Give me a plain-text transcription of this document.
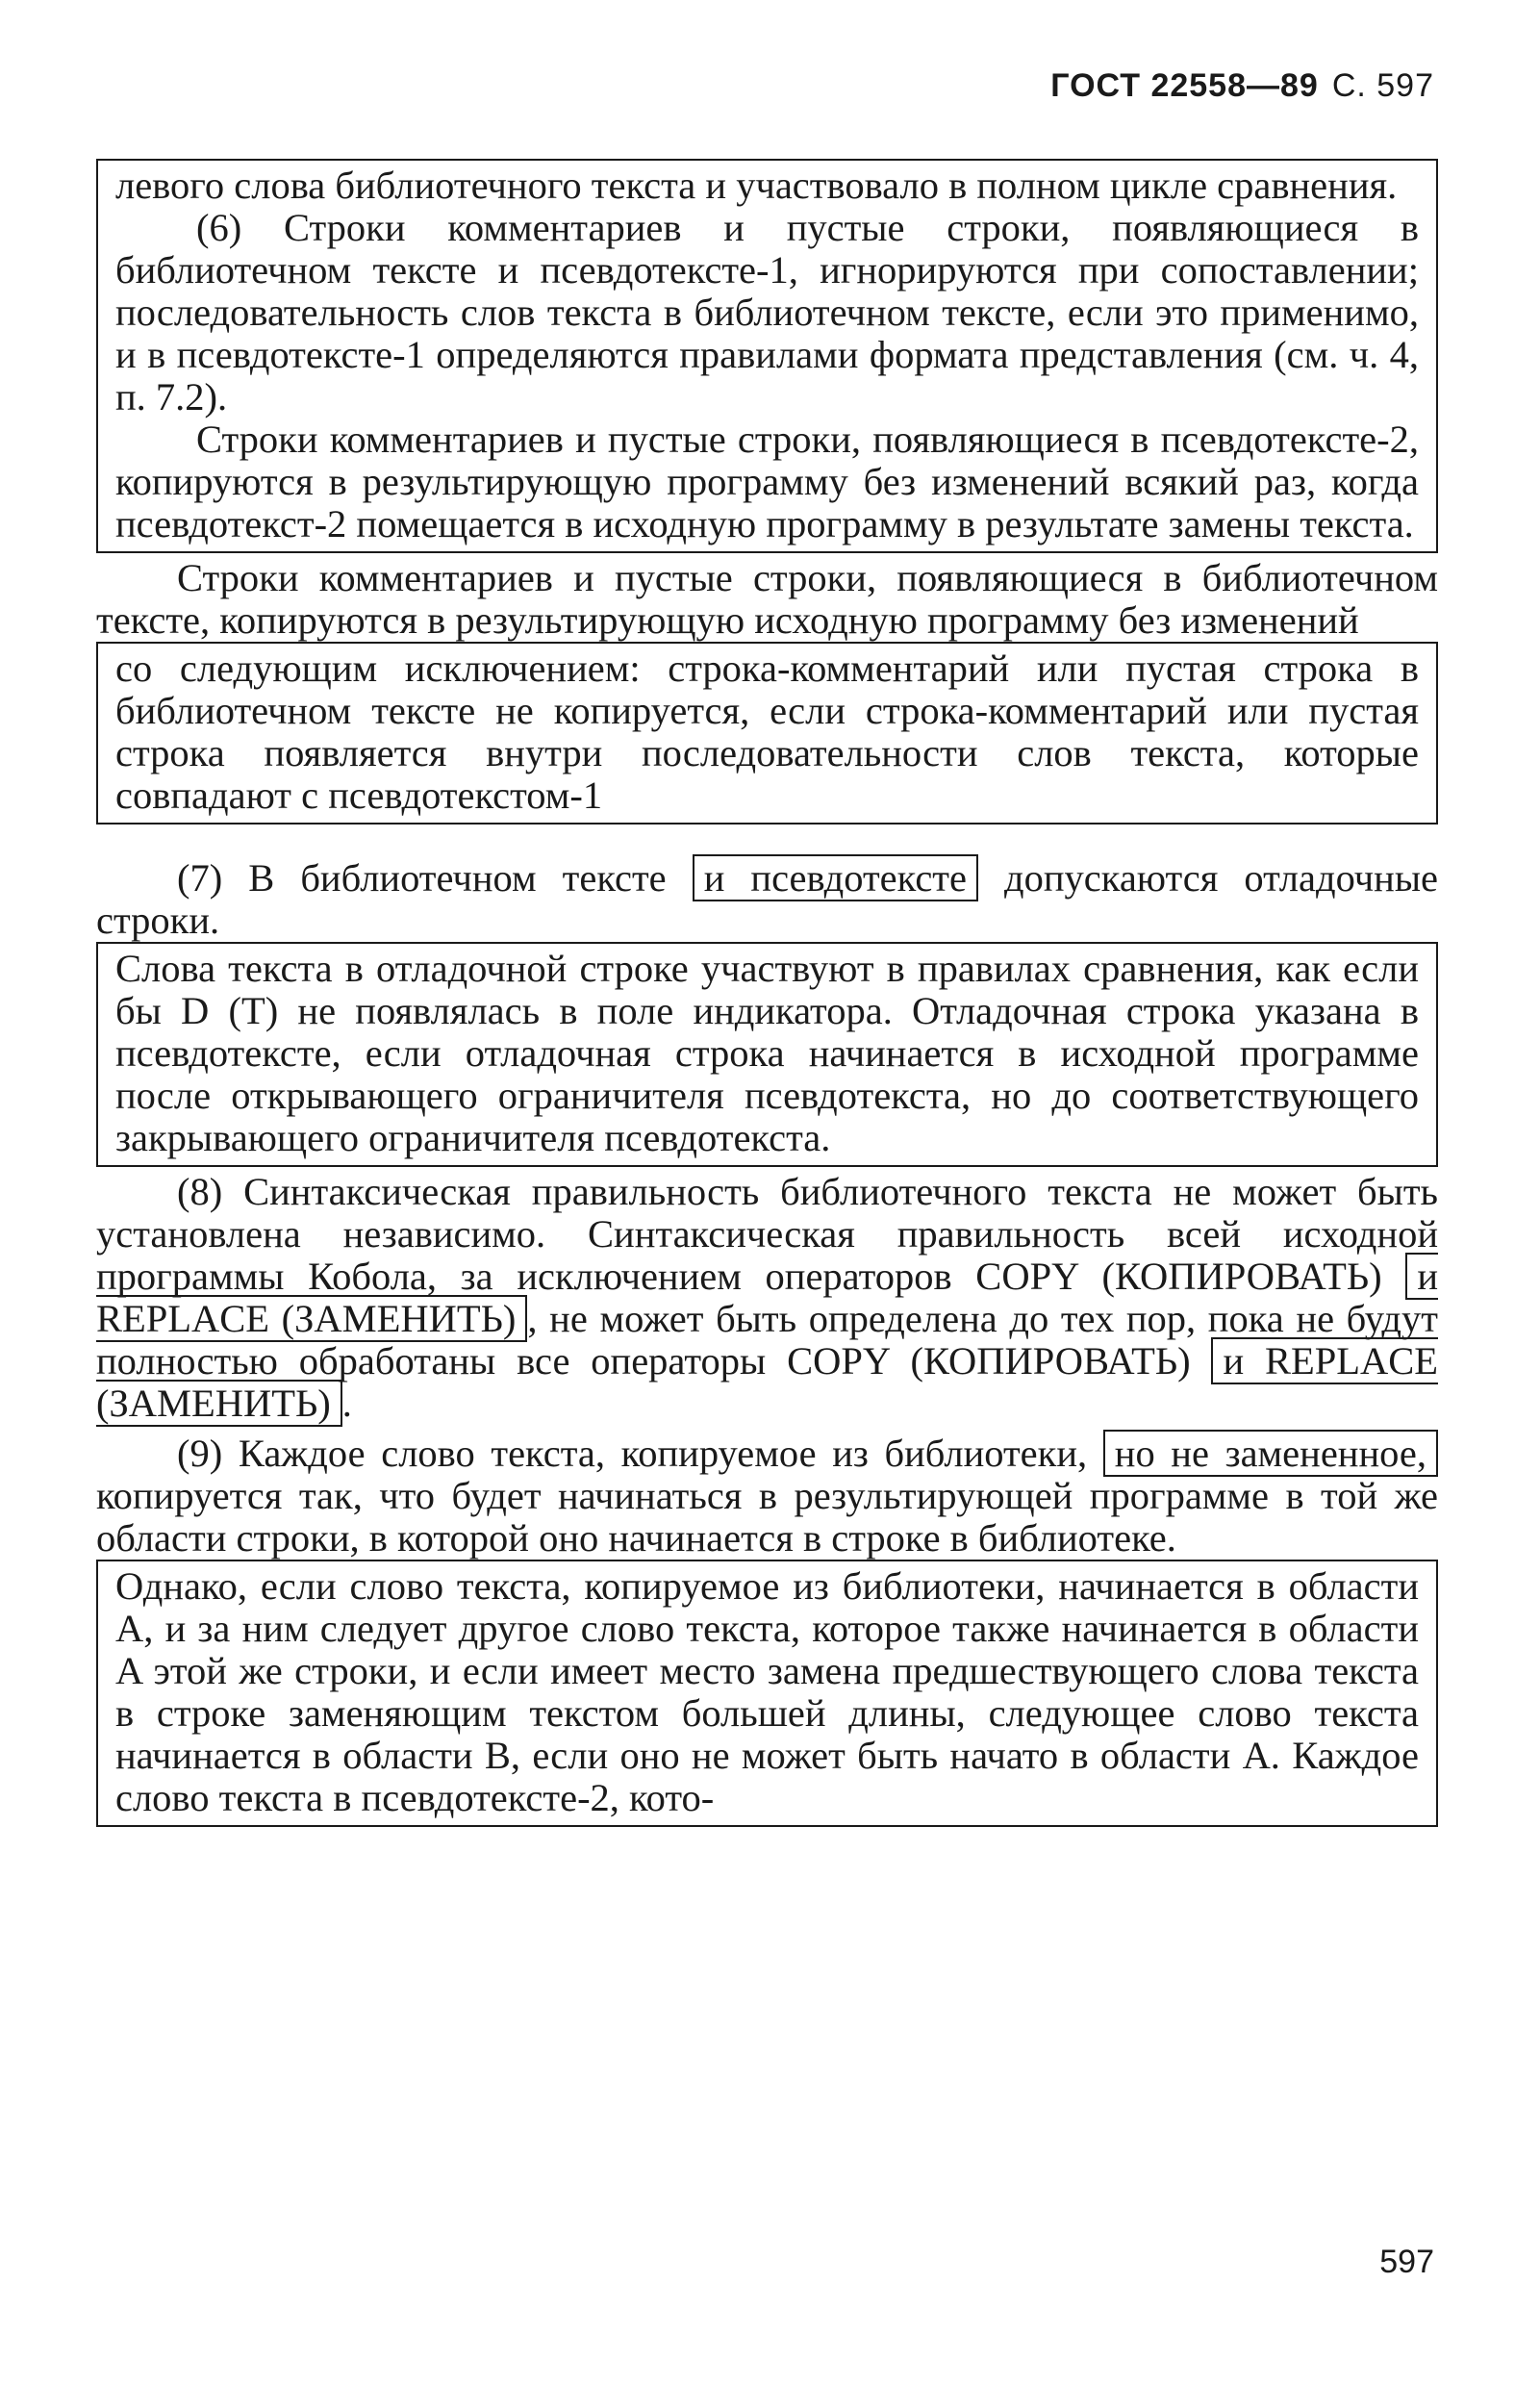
ГОСТ 22558—89 С. 597

левого слова библиотечного текста и участвовало в полном цикле сравнения.

(6) Строки комментариев и пустые строки, появляющиеся в библиотечном тексте и псевдотексте-1, игнорируются при сопоставлении; последовательность слов текста в библиотечном тексте, если это применимо, и в псевдотексте-1 определяются правилами формата представления (см. ч. 4, п. 7.2).

Строки комментариев и пустые строки, появляющиеся в псевдотексте-2, копируются в результирующую программу без изменений всякий раз, когда псевдотекст-2 помещается в исходную программу в результате замены текста.

Строки комментариев и пустые строки, появляющиеся в библиотечном тексте, копируются в результирующую исходную программу без изменений

со следующим исключением: строка-комментарий или пустая строка в библиотечном тексте не копируется, если строка-комментарий или пустая строка появляется внутри последовательности слов текста, которые совпадают с псевдотекстом-1

(7) В библиотечном тексте и псевдотексте допускаются отладочные строки.

Слова текста в отладочной строке участвуют в правилах сравнения, как если бы D (T) не появлялась в поле индикатора. Отладочная строка указана в псевдотексте, если отладочная строка начинается в исходной программе после открывающего ограничителя псевдотекста, но до соответствующего закрывающего ограничителя псевдотекста.

(8) Синтаксическая правильность библиотечного текста не может быть установлена независимо. Синтаксическая правильность всей исходной программы Кобола, за исключением операторов COPY (КОПИРОВАТЬ) и REPLACE (ЗАМЕНИТЬ) , не может быть определена до тех пор, пока не будут полностью обработаны все операторы COPY (КОПИРОВАТЬ) и REPLACE (ЗАМЕНИТЬ) .

(9) Каждое слово текста, копируемое из библиотеки, но не замененное, копируется так, что будет начинаться в результирующей программе в той же области строки, в которой оно начинается в строке в библиотеке.

Однако, если слово текста, копируемое из библиотеки, начинается в области A, и за ним следует другое слово текста, которое также начинается в области A этой же строки, и если имеет место замена предшествующего слова текста в строке заменяющим текстом большей длины, следующее слово текста начинается в области B, если оно не может быть начато в области A. Каждое слово текста в псевдотексте-2, кото-

597
